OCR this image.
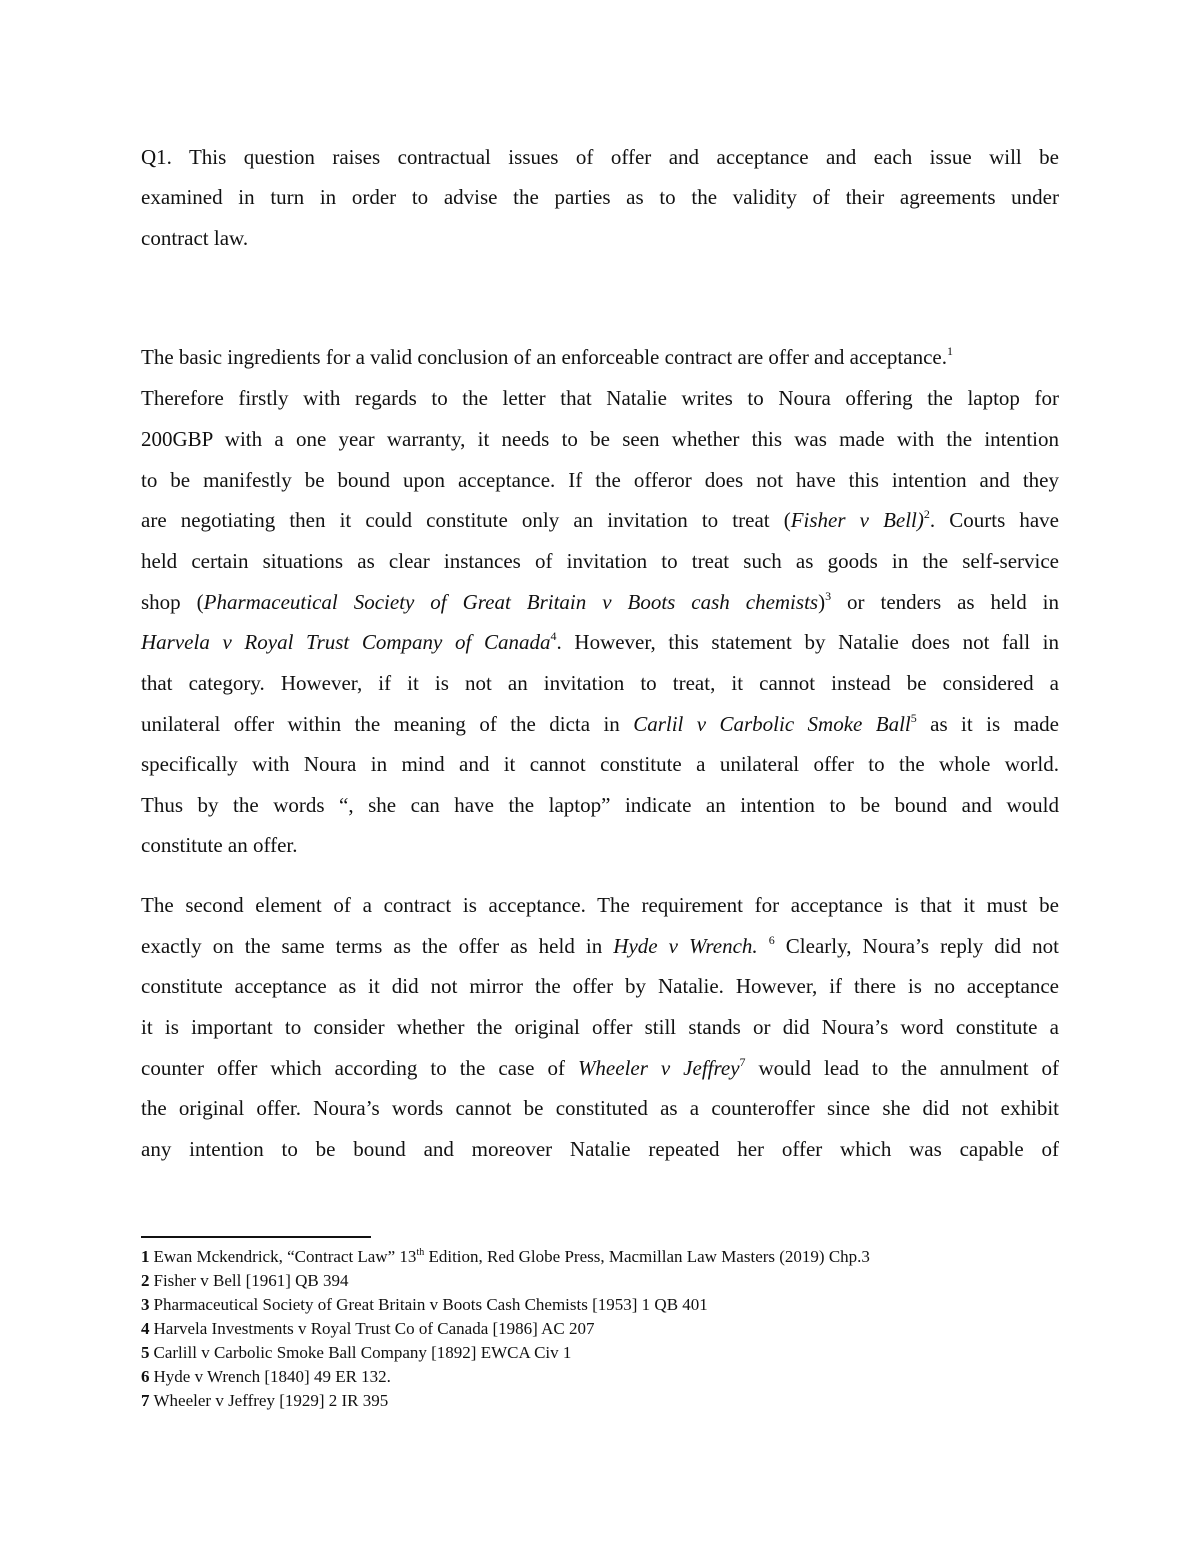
Q1. This question raises contractual issues of offer and acceptance and each issue will be
examined in turn in order to advise the parties as to the validity of their agreements under
contract law.
The basic ingredients for a valid conclusion of an enforceable contract are offer and acceptance.$^1$
Therefore firstly with regards to the letter that Natalie writes to Noura offering the laptop for
200GBP with a one year warranty, it needs to be seen whether this was made with the intention
to be manifestly be bound upon acceptance. If the offeror does not have this intention and they
are negotiating then it could constitute only an invitation to treat (Fisher v Bell)$^2$. Courts have
held certain situations as clear instances of invitation to treat such as goods in the self-service
shop (Pharmaceutical Society of Great Britain v Boots cash chemists)$^3$ or tenders as held in
Harvela v Royal Trust Company of Canada$^4$. However, this statement by Natalie does not fall in
that category. However, if it is not an invitation to treat, it cannot instead be considered a
unilateral offer within the meaning of the dicta in Carlil v Carbolic Smoke Ball$^5$ as it is made
specifically with Noura in mind and it cannot constitute a unilateral offer to the whole world.
Thus by the words “, she can have the laptop” indicate an intention to be bound and would
constitute an offer.
The second element of a contract is acceptance. The requirement for acceptance is that it must be
exactly on the same terms as the offer as held in Hyde v Wrench. $^6$ Clearly, Noura’s reply did not
constitute acceptance as it did not mirror the offer by Natalie. However, if there is no acceptance
it is important to consider whether the original offer still stands or did Noura’s word constitute a
counter offer which according to the case of Wheeler v Jeffrey$^7$ would lead to the annulment of
the original offer. Noura’s words cannot be constituted as a counteroffer since she did not exhibit
any intention to be bound and moreover Natalie repeated her offer which was capable of
1 Ewan Mckendrick, “Contract Law” 13th Edition, Red Globe Press, Macmillan Law Masters (2019) Chp.3
2 Fisher v Bell [1961] QB 394
3 Pharmaceutical Society of Great Britain v Boots Cash Chemists [1953] 1 QB 401
4 Harvela Investments v Royal Trust Co of Canada [1986] AC 207
5 Carlill v Carbolic Smoke Ball Company [1892] EWCA Civ 1
6 Hyde v Wrench [1840] 49 ER 132.
7 Wheeler v Jeffrey [1929] 2 IR 395
